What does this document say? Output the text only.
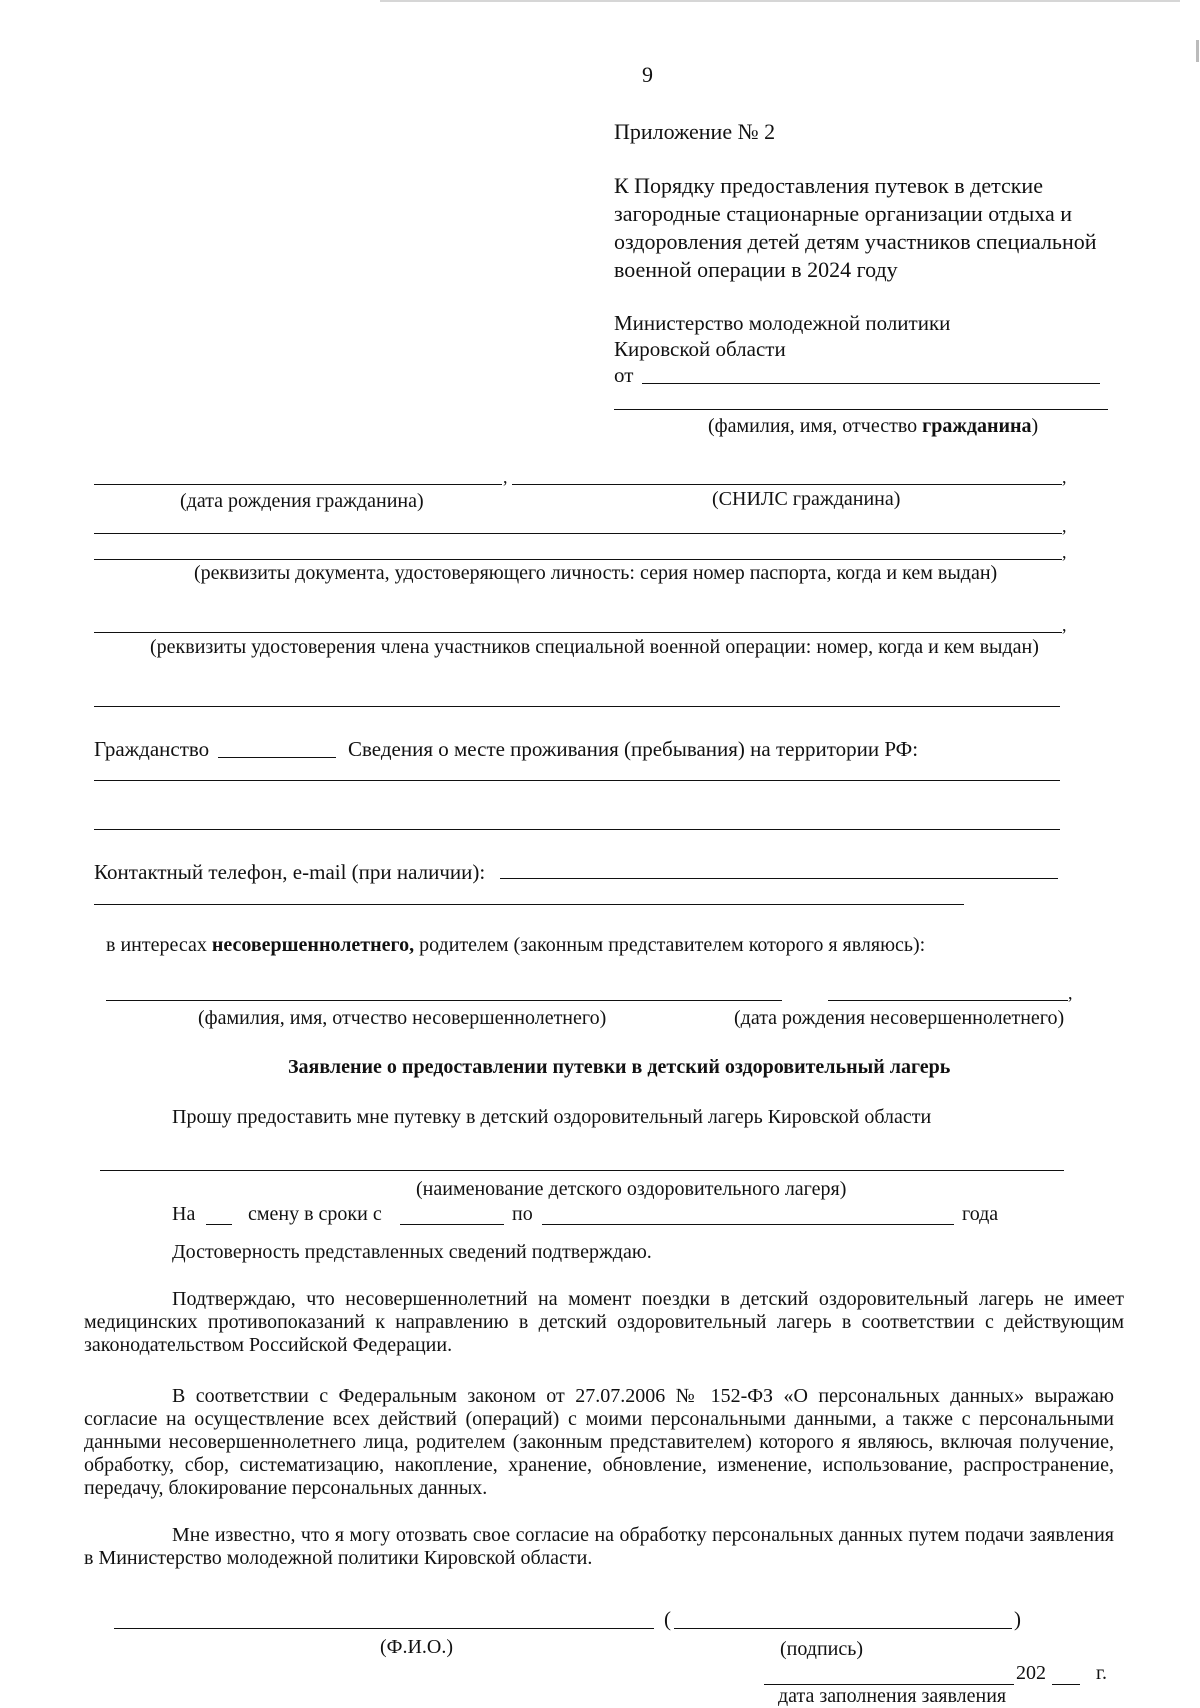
9
Приложение № 2
К Порядку предоставления путевок в детские
загородные стационарные организации отдыха и
оздоровления детей детям участников специальной
военной операции в 2024 году
Министерство молодежной политики
Кировской области
от
(фамилия, имя, отчество гражданина)
,	,
(дата рождения гражданина)	(СНИЛС гражданина)
,
,
(реквизиты документа, удостоверяющего личность: серия номер паспорта, когда и кем выдан)
,
(реквизиты удостоверения члена участников специальной военной операции: номер, когда и кем выдан)
Гражданство	Сведения о месте проживания (пребывания) на территории РФ:
Контактный телефон, e-mail (при наличии):
в интересах несовершеннолетнего, родителем (законным представителем которого я являюсь):
,
(фамилия, имя, отчество несовершеннолетнего)	(дата рождения несовершеннолетнего)
Заявление о предоставлении путевки в детский оздоровительный лагерь
Прошу предоставить мне путевку в детский оздоровительный лагерь Кировской области
(наименование детского оздоровительного лагеря)
На	смену в сроки с	по	года
Достоверность представленных сведений подтверждаю.
Подтверждаю, что несовершеннолетний на момент поездки в детский оздоровительный лагерь не имеет медицинских противопоказаний к направлению в детский оздоровительный лагерь в соответствии с действующим законодательством Российской Федерации.
В соответствии с Федеральным законом от 27.07.2006 № 152-ФЗ «О персональных данных» выражаю согласие на осуществление всех действий (операций) с моими персональными данными, а также с персональными данными несовершеннолетнего лица, родителем (законным представителем) которого я являюсь, включая получение, обработку, сбор, систематизацию, накопление, хранение, обновление, изменение, использование, распространение, передачу, блокирование персональных данных.
Мне известно, что я могу отозвать свое согласие на обработку персональных данных путем подачи заявления в Министерство молодежной политики Кировской области.
(	)
(Ф.И.О.)	(подпись)
202	г.
дата заполнения заявления
